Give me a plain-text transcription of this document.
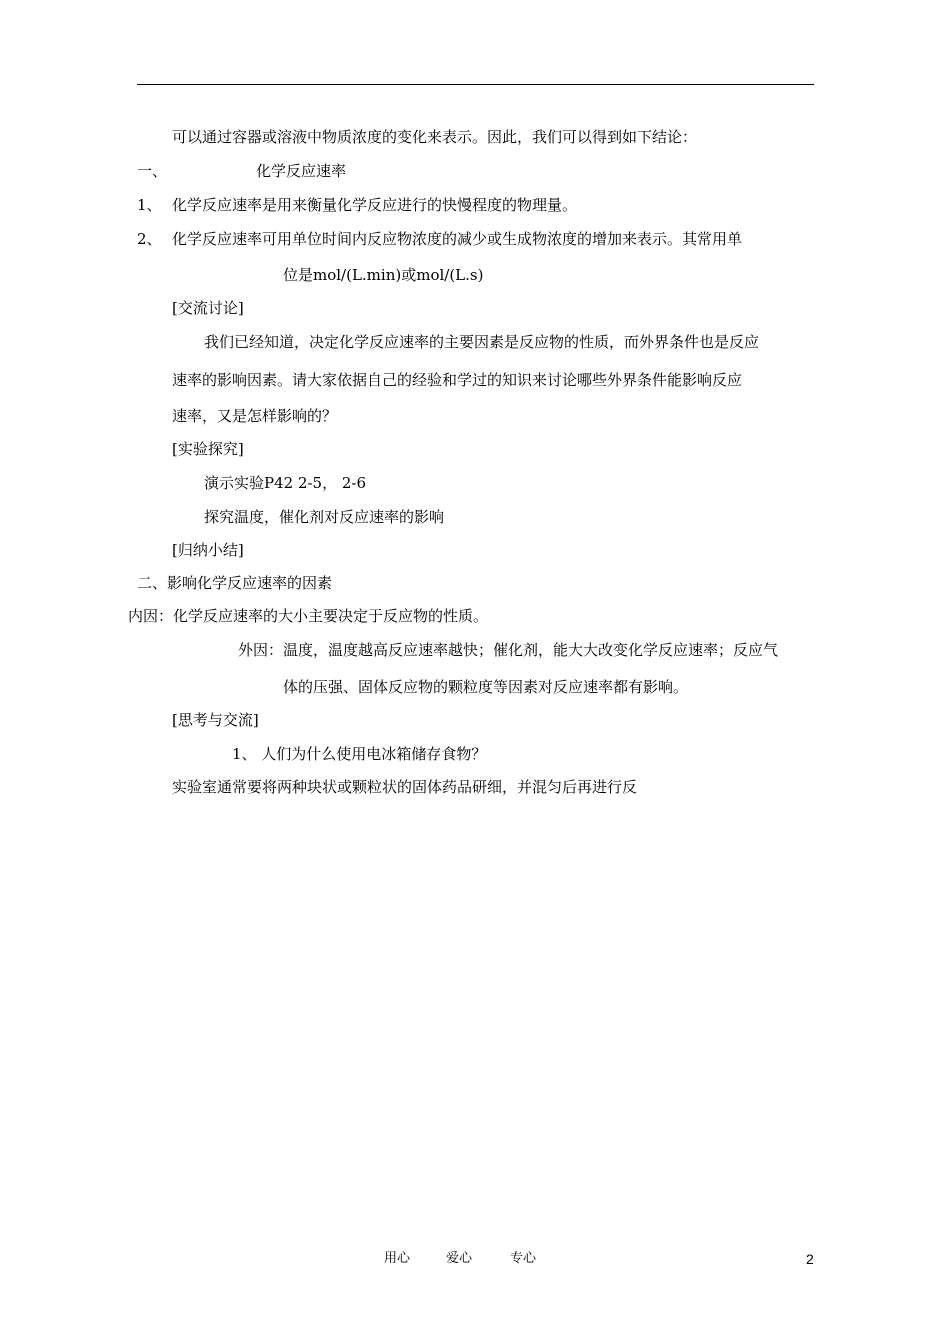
可以通过容器或溶液中物质浓度的变化来表示。因此，我们可以得到如下结论：
一、	化学反应速率
1、 化学反应速率是用来衡量化学反应进行的快慢程度的物理量。
2、 化学反应速率可用单位时间内反应物浓度的减少或生成物浓度的增加来表示。其常用单
位是mol/(L.min)或mol/(L.s)
[交流讨论]
我们已经知道，决定化学反应速率的主要因素是反应物的性质，而外界条件也是反应
速率的影响因素。请大家依据自己的经验和学过的知识来讨论哪些外界条件能影响反应
速率，又是怎样影响的？
[实验探究]
演示实验P42 2-5， 2-6
探究温度，催化剂对反应速率的影响
[归纳小结]
二、影响化学反应速率的因素
内因：化学反应速率的大小主要决定于反应物的性质。
外因：温度，温度越高反应速率越快；催化剂，能大大改变化学反应速率；反应气
体的压强、固体反应物的颗粒度等因素对反应速率都有影响。
[思考与交流]
1、 人们为什么使用电冰箱储存食物？
实验室通常要将两种块状或颗粒状的固体药品研细，并混匀后再进行反
用心	爱心	专心	2
